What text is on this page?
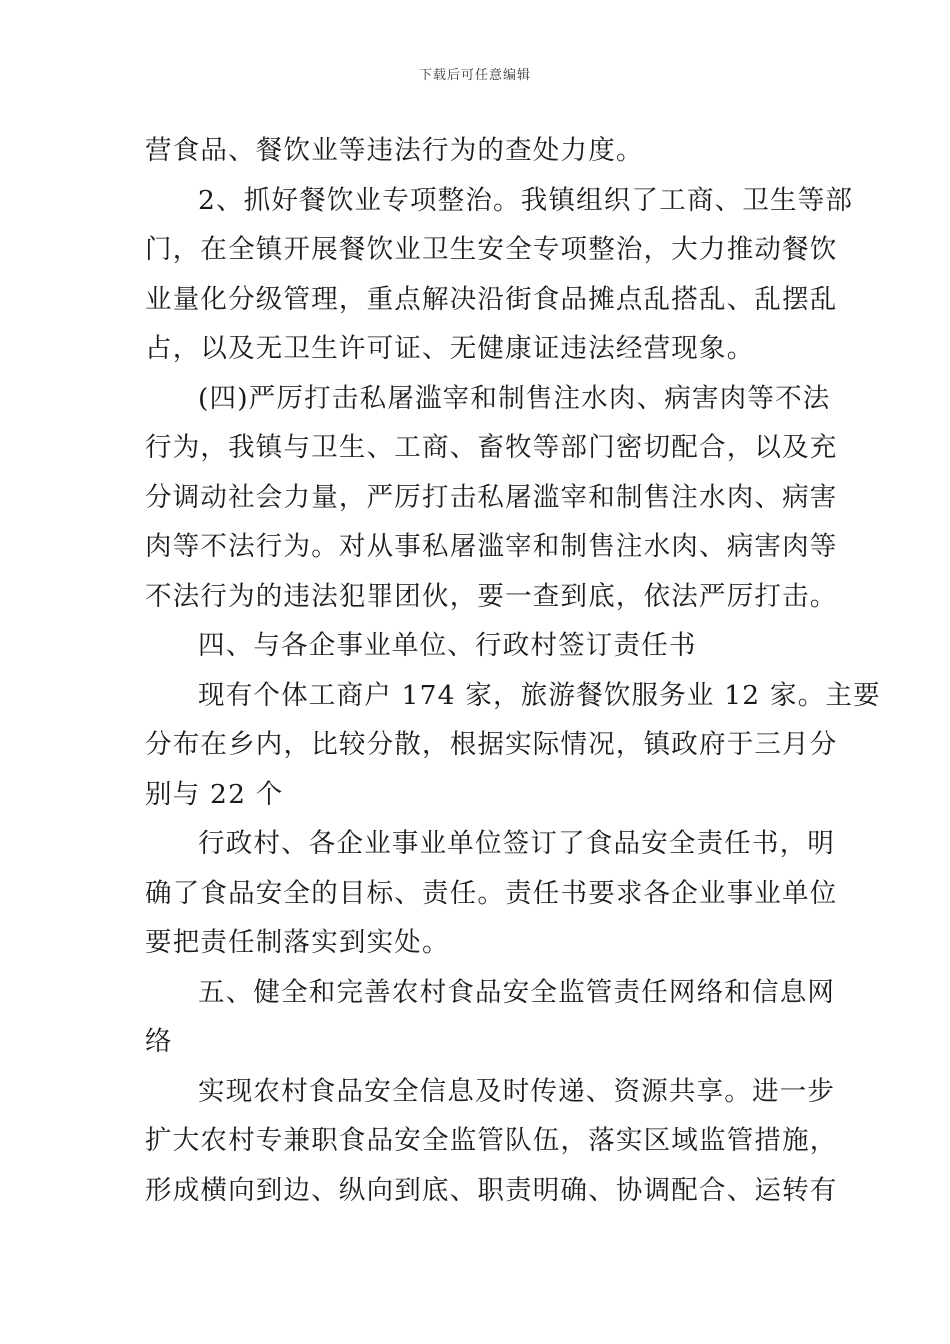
下载后可任意编辑
营食品、餐饮业等违法行为的查处力度。
2、抓好餐饮业专项整治。我镇组织了工商、卫生等部
门，在全镇开展餐饮业卫生安全专项整治，大力推动餐饮
业量化分级管理，重点解决沿街食品摊点乱搭乱、乱摆乱
占，以及无卫生许可证、无健康证违法经营现象。
(四)严厉打击私屠滥宰和制售注水肉、病害肉等不法
行为，我镇与卫生、工商、畜牧等部门密切配合，以及充
分调动社会力量，严厉打击私屠滥宰和制售注水肉、病害
肉等不法行为。对从事私屠滥宰和制售注水肉、病害肉等
不法行为的违法犯罪团伙，要一查到底，依法严厉打击。
四、与各企事业单位、行政村签订责任书
现有个体工商户 174 家，旅游餐饮服务业 12 家。主要
分布在乡内，比较分散，根据实际情况，镇政府于三月分
别与 22 个
行政村、各企业事业单位签订了食品安全责任书，明
确了食品安全的目标、责任。责任书要求各企业事业单位
要把责任制落实到实处。
五、健全和完善农村食品安全监管责任网络和信息网
络
实现农村食品安全信息及时传递、资源共享。进一步
扩大农村专兼职食品安全监管队伍，落实区域监管措施，
形成横向到边、纵向到底、职责明确、协调配合、运转有
